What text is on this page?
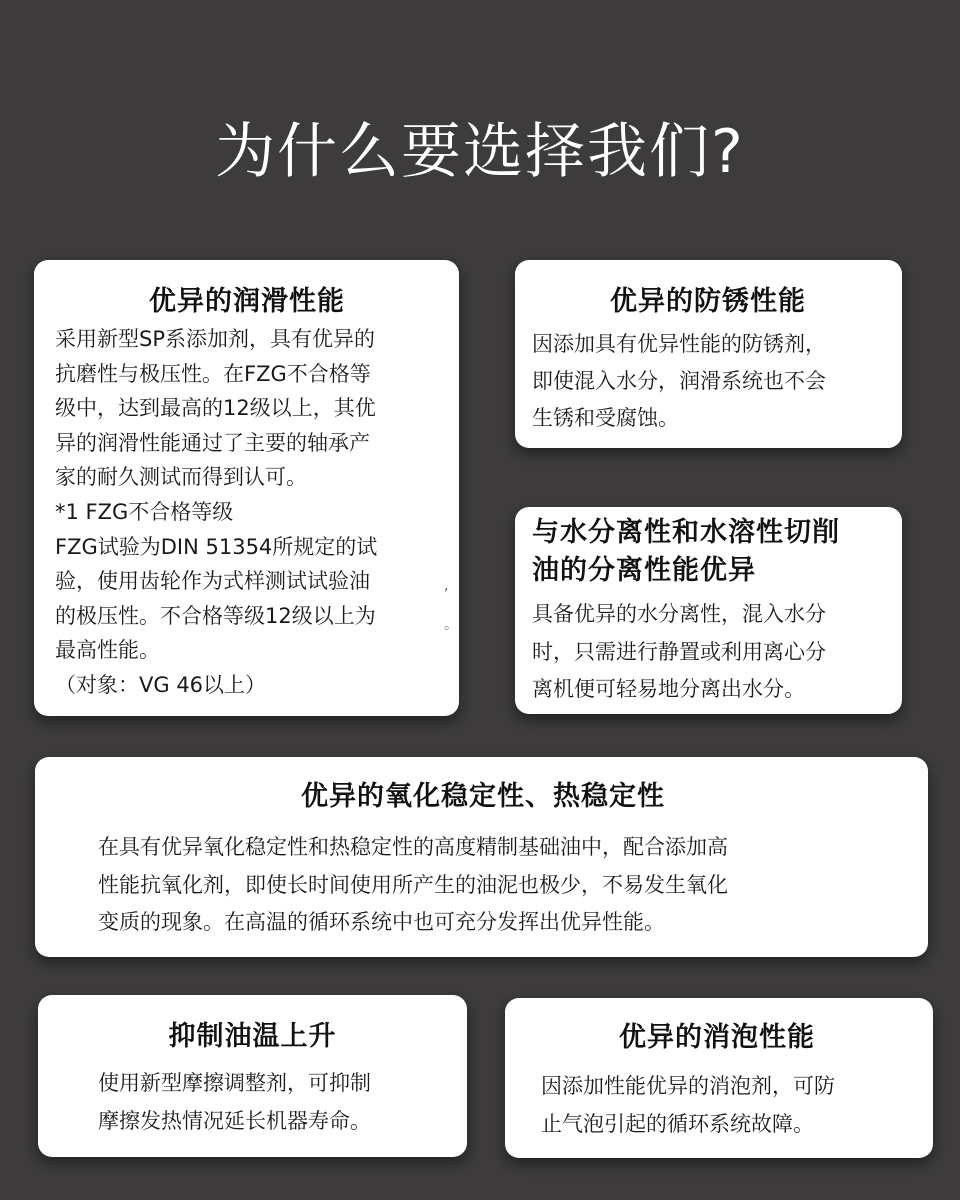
为什么要选择我们?
优异的润滑性能

采用新型SP系添加剂，具有优异的
抗磨性与极压性。在FZG不合格等
级中，达到最高的12级以上，其优
异的润滑性能通过了主要的轴承产
家的耐久测试而得到认可。
*1 FZG不合格等级
FZG试验为DIN 51354所规定的试
验，使用齿轮作为式样测试试验油
的极压性。不合格等级12级以上为
最高性能。
（对象：VG 46以上）

,
。
优异的防锈性能

因添加具有优异性能的防锈剂，
即使混入水分，润滑系统也不会
生锈和受腐蚀。

与水分离性和水溶性切削
油的分离性能优异

具备优异的水分离性，混入水分
时，只需进行静置或利用离心分
离机便可轻易地分离出水分。

优异的氧化稳定性、热稳定性

在具有优异氧化稳定性和热稳定性的高度精制基础油中，配合添加高
性能抗氧化剂，即使长时间使用所产生的油泥也极少，不易发生氧化
变质的现象。在高温的循环系统中也可充分发挥出优异性能。

抑制油温上升

使用新型摩擦调整剂，可抑制
摩擦发热情况延长机器寿命。

优异的消泡性能

因添加性能优异的消泡剂，可防
止气泡引起的循环系统故障。
